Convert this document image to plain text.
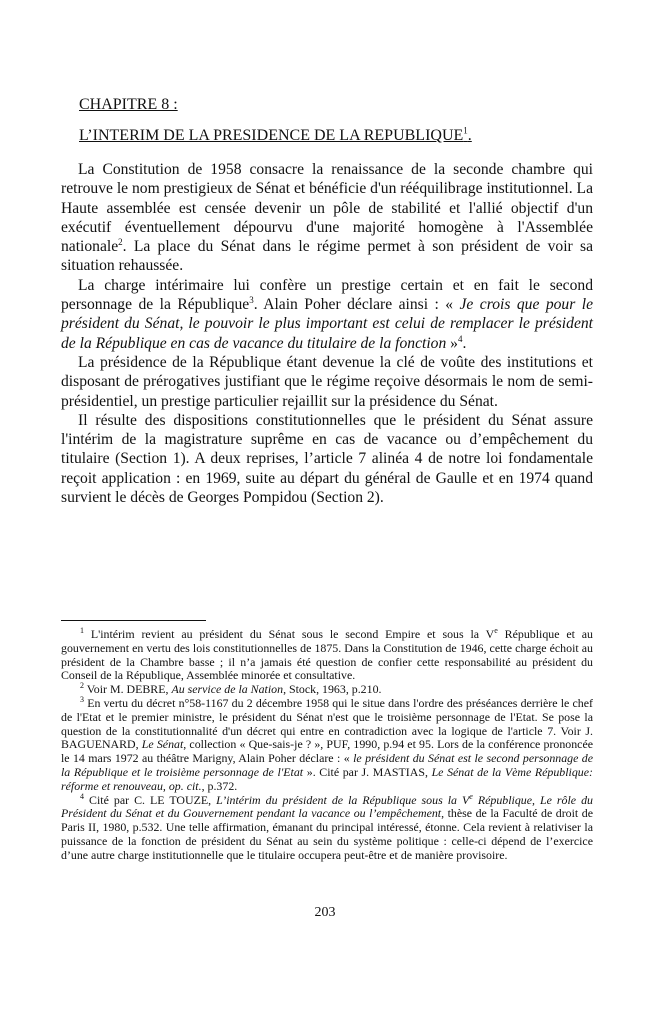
CHAPITRE 8 :
L’INTERIM DE LA PRESIDENCE DE LA REPUBLIQUE$^1$.

La Constitution de 1958 consacre la renaissance de la seconde chambre qui retrouve le nom prestigieux de Sénat et bénéficie d'un rééquilibrage institutionnel. La Haute assemblée est censée devenir un pôle de stabilité et l'allié objectif d'un exécutif éventuellement dépourvu d'une majorité homogène à l'Assemblée nationale$^2$. La place du Sénat dans le régime permet à son président de voir sa situation rehaussée.

La charge intérimaire lui confère un prestige certain et en fait le second personnage de la République$^3$. Alain Poher déclare ainsi : « Je crois que pour le président du Sénat, le pouvoir le plus important est celui de remplacer le président de la République en cas de vacance du titulaire de la fonction »$^4$.

La présidence de la République étant devenue la clé de voûte des institutions et disposant de prérogatives justifiant que le régime reçoive désormais le nom de semi-présidentiel, un prestige particulier rejaillit sur la présidence du Sénat.

Il résulte des dispositions constitutionnelles que le président du Sénat assure l'intérim de la magistrature suprême en cas de vacance ou d’empêchement du titulaire (Section 1). A deux reprises, l’article 7 alinéa 4 de notre loi fondamentale reçoit application : en 1969, suite au départ du général de Gaulle et en 1974 quand survient le décès de Georges Pompidou (Section 2).

$^1$ L'intérim revient au président du Sénat sous le second Empire et sous la Ve République et au gouvernement en vertu des lois constitutionnelles de 1875. Dans la Constitution de 1946, cette charge échoit au président de la Chambre basse ; il n’a jamais été question de confier cette responsabilité au président du Conseil de la République, Assemblée minorée et consultative.

$^2$ Voir M. DEBRE, Au service de la Nation, Stock, 1963, p.210.

$^3$ En vertu du décret n°58-1167 du 2 décembre 1958 qui le situe dans l'ordre des préséances derrière le chef de l'Etat et le premier ministre, le président du Sénat n'est que le troisième personnage de l'Etat. Se pose la question de la constitutionnalité d'un décret qui entre en contradiction avec la logique de l'article 7. Voir J. BAGUENARD, Le Sénat, collection « Que-sais-je ? », PUF, 1990, p.94 et 95. Lors de la conférence prononcée le 14 mars 1972 au théâtre Marigny, Alain Poher déclare : « le président du Sénat est le second personnage de la République et le troisième personnage de l'Etat ». Cité par J. MASTIAS, Le Sénat de la Vème République: réforme et renouveau, op. cit., p.372.

$^4$ Cité par C. LE TOUZE, L’intérim du président de la République sous la Ve République, Le rôle du Président du Sénat et du Gouvernement pendant la vacance ou l’empêchement, thèse de la Faculté de droit de Paris II, 1980, p.532. Une telle affirmation, émanant du principal intéressé, étonne. Cela revient à relativiser la puissance de la fonction de président du Sénat au sein du système politique : celle-ci dépend de l’exercice d’une autre charge institutionnelle que le titulaire occupera peut-être et de manière provisoire.

203
